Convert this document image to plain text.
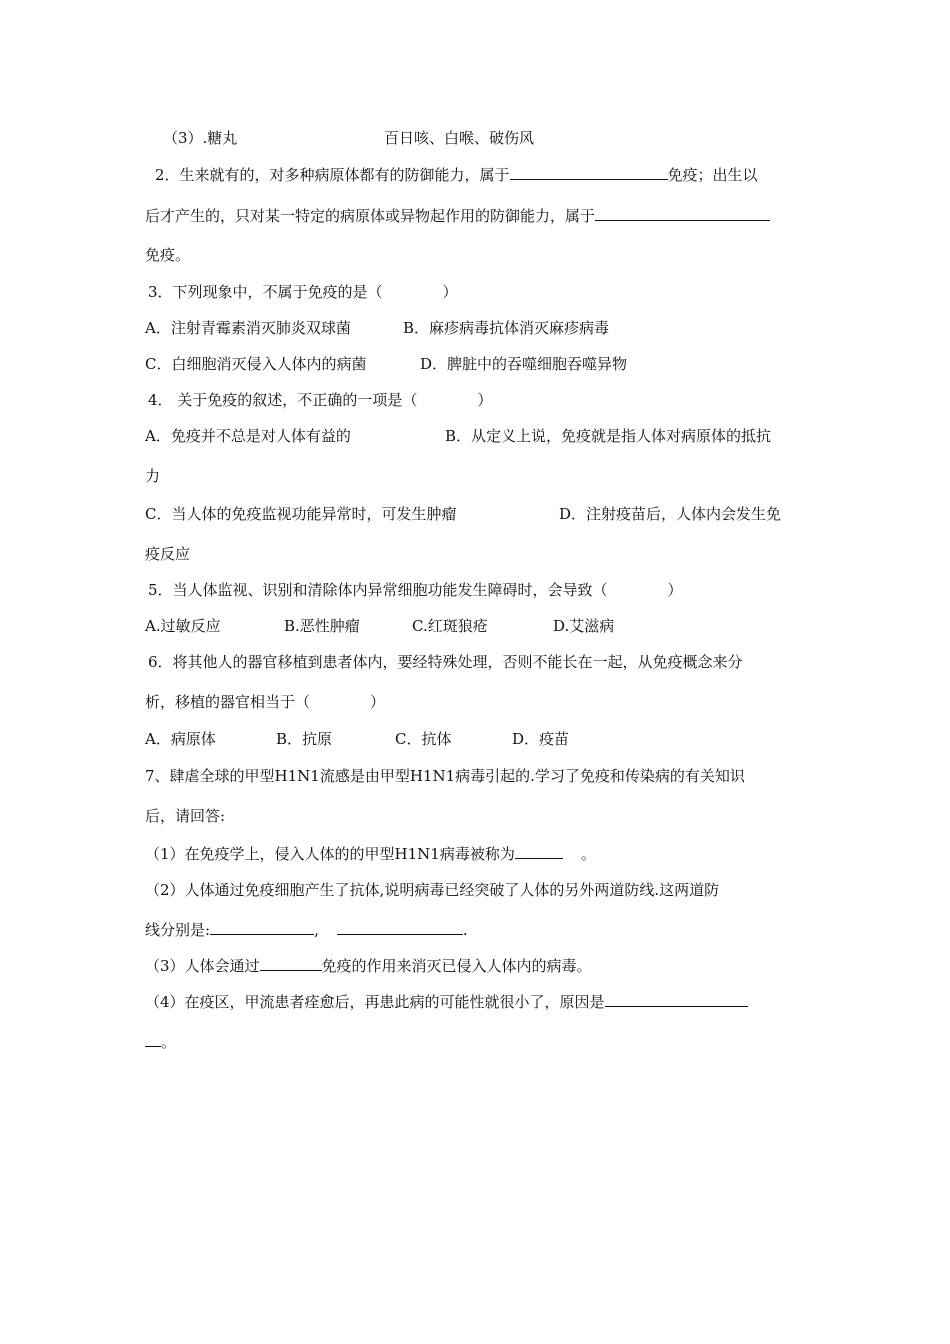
（3）.糖丸	百日咳、白喉、破伤风
2．生来就有的，对多种病原体都有的防御能力，属于	免疫；出生以
后才产生的，只对某一特定的病原体或异物起作用的防御能力，属于
免疫。
3．下列现象中，不属于免疫的是（　　　　）
A．注射青霉素消灭肺炎双球菌	B．麻疹病毒抗体消灭麻疹病毒
C．白细胞消灭侵入人体内的病菌	D．脾脏中的吞噬细胞吞噬异物
4． 关于免疫的叙述，不正确的一项是（　　　　）
A．免疫并不总是对人体有益的	B．从定义上说，免疫就是指人体对病原体的抵抗
力
C．当人体的免疫监视功能异常时，可发生肿瘤	D．注射疫苗后，人体内会发生免
疫反应
5．当人体监视、识别和清除体内异常细胞功能发生障碍时，会导致（　　　　）
A.过敏反应	B.恶性肿瘤	C.红斑狼疮	D.艾滋病
6．将其他人的器官移植到患者体内，要经特殊处理，否则不能长在一起，从免疫概念来分
析，移植的器官相当于（　　　　）
A．病原体	B．抗原	C．抗体	D．疫苗
7、肆虐全球的甲型H1N1流感是由甲型H1N1病毒引起的.学习了免疫和传染病的有关知识
后，请回答:
（1）在免疫学上，侵入人体的的甲型H1N1病毒被称为	。
（2）人体通过免疫细胞产生了抗体,说明病毒已经突破了人体的另外两道防线.这两道防
线分别是:	,	.
（3）人体会通过	免疫的作用来消灭已侵入人体内的病毒。
（4）在疫区，甲流患者痊愈后，再患此病的可能性就很小了，原因是
。
